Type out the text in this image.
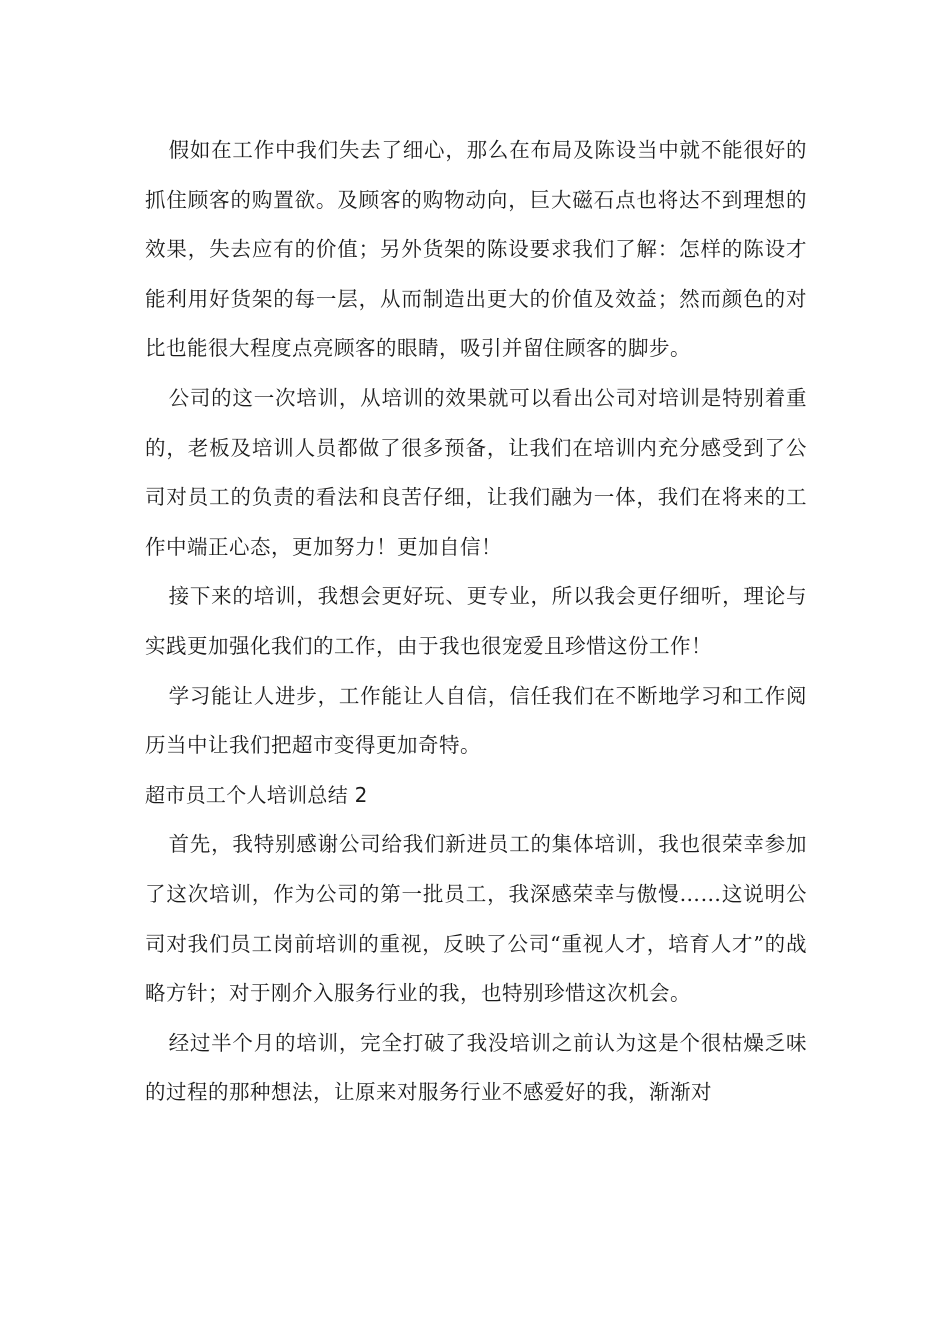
假如在工作中我们失去了细心，那么在布局及陈设当中就不能很好的抓住顾客的购置欲。及顾客的购物动向，巨大磁石点也将达不到理想的效果，失去应有的价值；另外货架的陈设要求我们了解：怎样的陈设才能利用好货架的每一层，从而制造出更大的价值及效益；然而颜色的对比也能很大程度点亮顾客的眼睛，吸引并留住顾客的脚步。

公司的这一次培训，从培训的效果就可以看出公司对培训是特别着重的，老板及培训人员都做了很多预备，让我们在培训内充分感受到了公司对员工的负责的看法和良苦仔细，让我们融为一体，我们在将来的工作中端正心态，更加努力！更加自信！

接下来的培训，我想会更好玩、更专业，所以我会更仔细听，理论与实践更加强化我们的工作，由于我也很宠爱且珍惜这份工作！

学习能让人进步，工作能让人自信，信任我们在不断地学习和工作阅历当中让我们把超市变得更加奇特。

超市员工个人培训总结 2

首先，我特别感谢公司给我们新进员工的集体培训，我也很荣幸参加了这次培训，作为公司的第一批员工，我深感荣幸与傲慢……这说明公司对我们员工岗前培训的重视，反映了公司“重视人才，培育人才”的战略方针；对于刚介入服务行业的我，也特别珍惜这次机会。

经过半个月的培训，完全打破了我没培训之前认为这是个很枯燥乏味的过程的那种想法，让原来对服务行业不感爱好的我，渐渐对
